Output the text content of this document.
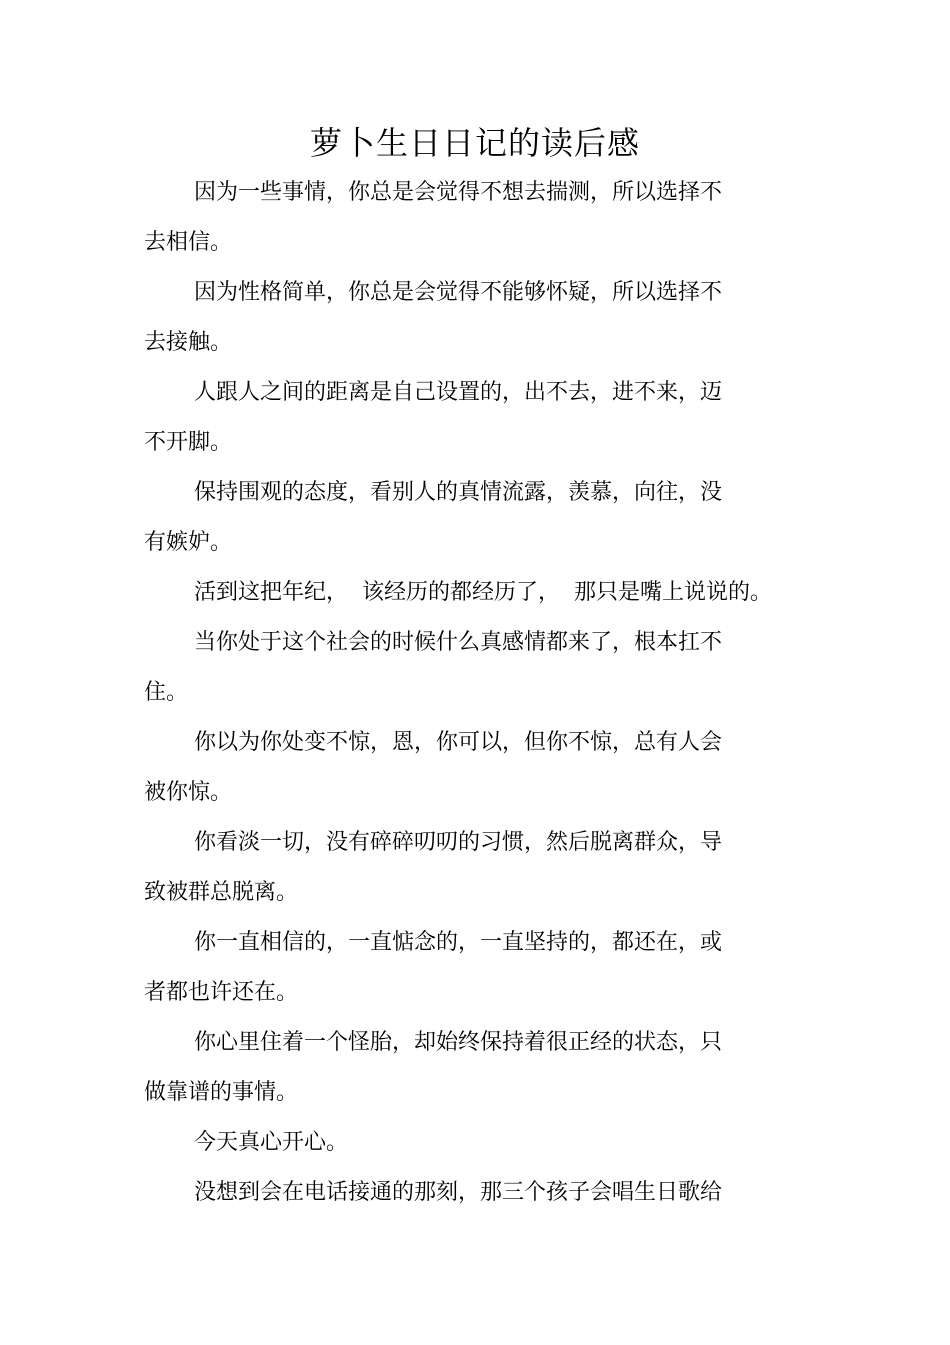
萝卜生日日记的读后感

因为一些事情，你总是会觉得不想去揣测，所以选择不

去相信。

因为性格简单，你总是会觉得不能够怀疑，所以选择不

去接触。

人跟人之间的距离是自己设置的，出不去，进不来，迈

不开脚。

保持围观的态度，看别人的真情流露，羡慕，向往，没

有嫉妒。

活到这把年纪，  该经历的都经历了，  那只是嘴上说说的。

当你处于这个社会的时候什么真感情都来了，根本扛不

住。

你以为你处变不惊，恩，你可以，但你不惊，总有人会

被你惊。

你看淡一切，没有碎碎叨叨的习惯，然后脱离群众，导

致被群总脱离。

你一直相信的，一直惦念的，一直坚持的，都还在，或

者都也许还在。

你心里住着一个怪胎，却始终保持着很正经的状态，只

做靠谱的事情。

今天真心开心。

没想到会在电话接通的那刻，那三个孩子会唱生日歌给
